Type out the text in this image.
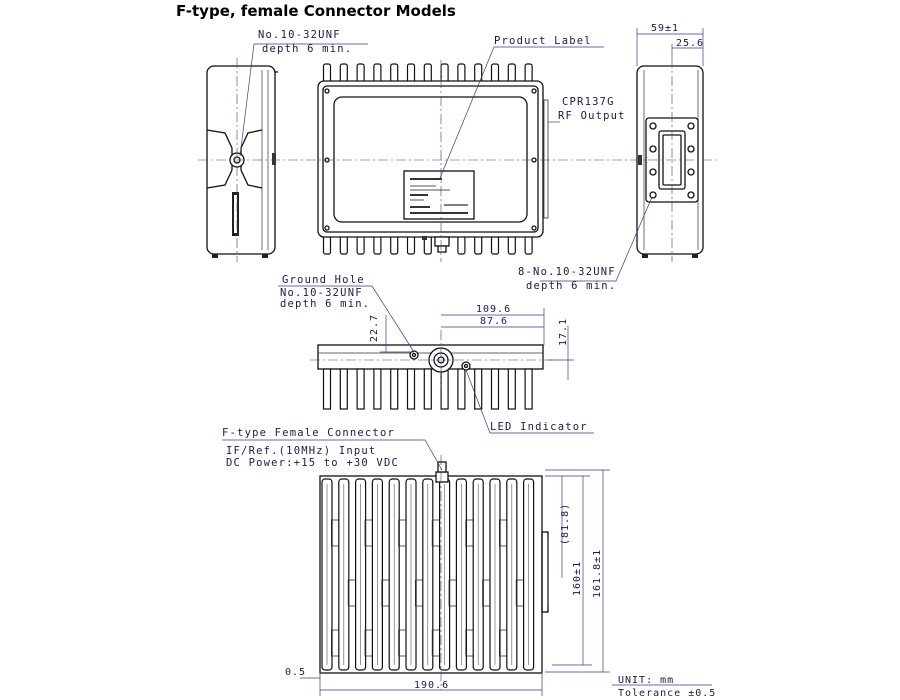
F-type, female Connector Models
No.10-32UNF
depth 6 min.
Product Label
CPR137G
RF Output
8-No.10-32UNF
depth 6 min.
Ground Hole
No.10-32UNF
depth 6 min.
LED Indicator
F-type Female Connector
IF/Ref.(10MHz) Input
DC Power:+15 to +30 VDC
59±1
25.6
22.7
109.6
87.6	17.1
(81.8)
160±1 161.8±1
0.5
190.6	UNIT: mm
Tolerance ±0.5
